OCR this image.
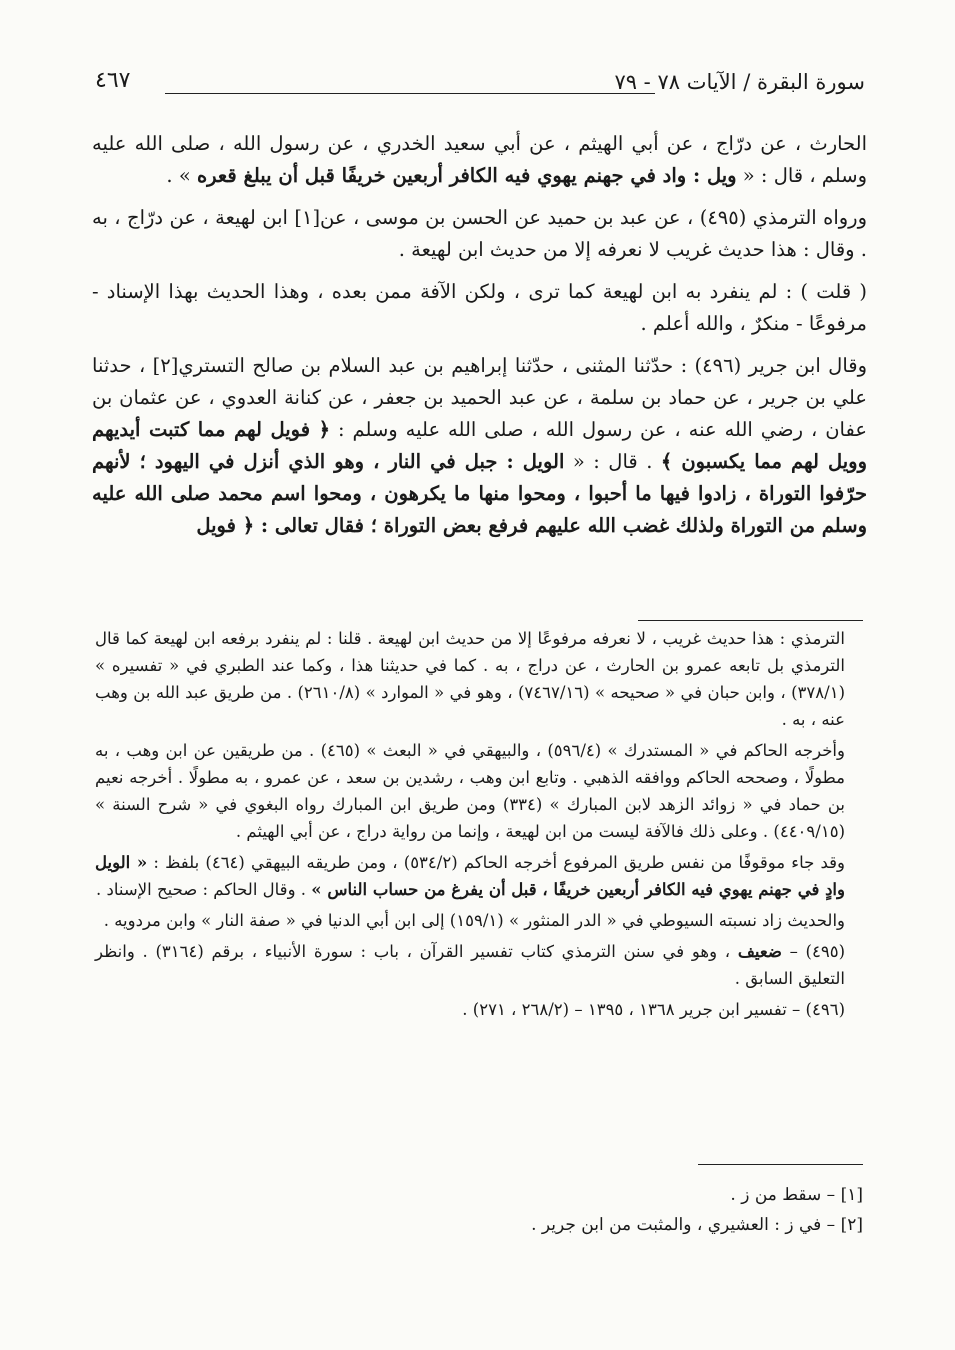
٤٦٧	سورة البقرة / الآيات ٧٨ - ٧٩

الحارث ، عن درّاج ، عن أبي الهيثم ، عن أبي سعيد الخدري ، عن رسول الله ، صلى الله عليه وسلم ، قال : « ويل : واد في جهنم يهوي فيه الكافر أربعين خريفًا قبل أن يبلغ قعره » .

ورواه الترمذي (٤٩٥) ، عن عبد بن حميد عن الحسن بن موسى ، عن[١] ابن لهيعة ، عن درّاج ، به . وقال : هذا حديث غريب لا نعرفه إلا من حديث ابن لهيعة .

( قلت ) : لم ينفرد به ابن لهيعة كما ترى ، ولكن الآفة ممن بعده ، وهذا الحديث بهذا الإسناد - مرفوعًا - منكرٌ ، والله أعلم .

وقال ابن جرير (٤٩٦) : حدّثنا المثنى ، حدّثنا إبراهيم بن عبد السلام بن صالح التستري[٢] ، حدثنا علي بن جرير ، عن حماد بن سلمة ، عن عبد الحميد بن جعفر ، عن كنانة العدوي ، عن عثمان بن عفان ، رضي الله عنه ، عن رسول الله ، صلى الله عليه وسلم : ﴿ فويل لهم مما كتبت أيديهم وويل لهم مما يكسبون ﴾ . قال : « الويل : جبل في النار ، وهو الذي أنزل في اليهود ؛ لأنهم حرّفوا التوراة ، زادوا فيها ما أحبوا ، ومحوا منها ما يكرهون ، ومحوا اسم محمد صلى الله عليه وسلم من التوراة ولذلك غضب الله عليهم فرفع بعض التوراة ؛ فقال تعالى : ﴿ فويل

الترمذي : هذا حديث غريب ، لا نعرفه مرفوعًا إلا من حديث ابن لهيعة . قلنا : لم ينفرد برفعه ابن لهيعة كما قال الترمذي بل تابعه عمرو بن الحارث ، عن دراج ، به . كما في حديثنا هذا ، وكما عند الطبري في « تفسيره » (٣٧٨/١) ، وابن حبان في « صحيحه » (٧٤٦٧/١٦) ، وهو في « الموارد » (٢٦١٠/٨) . من طريق عبد الله بن وهب عنه ، به .

وأخرجه الحاكم في « المستدرك » (٥٩٦/٤) ، والبيهقي في « البعث » (٤٦٥) . من طريقين عن ابن وهب ، به مطولًا ، وصححه الحاكم ووافقه الذهبي . وتابع ابن وهب ، رشدين بن سعد ، عن عمرو ، به مطولًا . أخرجه نعيم بن حماد في « زوائد الزهد لابن المبارك » (٣٣٤) ومن طريق ابن المبارك رواه البغوي في « شرح السنة » (٤٤٠٩/١٥) . وعلى ذلك فالآفة ليست من ابن لهيعة ، وإنما من رواية دراج ، عن أبي الهيثم .

وقد جاء موقوفًا من نفس طريق المرفوع أخرجه الحاكم (٥٣٤/٢) ، ومن طريقه البيهقي (٤٦٤) بلفظ : « الويل وادٍ في جهنم يهوي فيه الكافر أربعين خريفًا ، قبل أن يفرغ من حساب الناس » . وقال الحاكم : صحيح الإسناد .

والحديث زاد نسبته السيوطي في « الدر المنثور » (١٥٩/١) إلى ابن أبي الدنيا في « صفة النار » وابن مردويه .

(٤٩٥) – ضعيف ، وهو في سنن الترمذي كتاب تفسير القرآن ، باب : سورة الأنبياء ، برقم (٣١٦٤) . وانظر التعليق السابق .

(٤٩٦) – تفسير ابن جرير ١٣٦٨ ، ١٣٩٥ – (٢٦٨/٢ ، ٢٧١) .

[١] – سقط من ز .
[٢] – في ز : العشيري ، والمثبت من ابن جرير .
